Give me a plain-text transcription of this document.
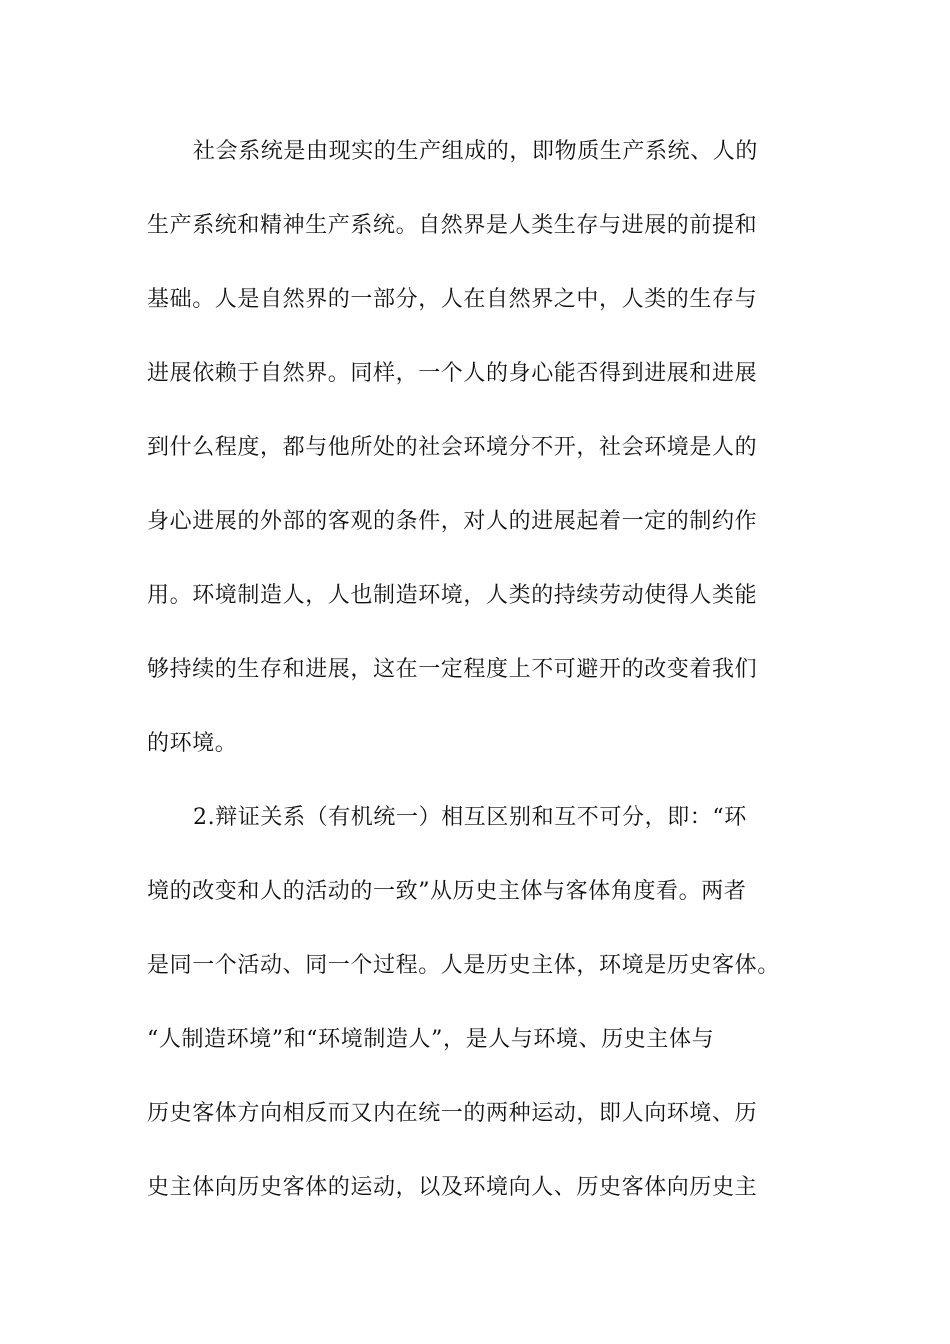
社会系统是由现实的生产组成的，即物质生产系统、人的
生产系统和精神生产系统。自然界是人类生存与进展的前提和
基础。人是自然界的一部分，人在自然界之中，人类的生存与
进展依赖于自然界。同样，一个人的身心能否得到进展和进展
到什么程度，都与他所处的社会环境分不开，社会环境是人的
身心进展的外部的客观的条件，对人的进展起着一定的制约作
用。环境制造人，人也制造环境，人类的持续劳动使得人类能
够持续的生存和进展，这在一定程度上不可避开的改变着我们
的环境。
2.辩证关系（有机统一）相互区别和互不可分，即：“环
境的改变和人的活动的一致”从历史主体与客体角度看。两者
是同一个活动、同一个过程。人是历史主体，环境是历史客体。
“人制造环境”和“环境制造人”，是人与环境、历史主体与
历史客体方向相反而又内在统一的两种运动，即人向环境、历
史主体向历史客体的运动，以及环境向人、历史客体向历史主
